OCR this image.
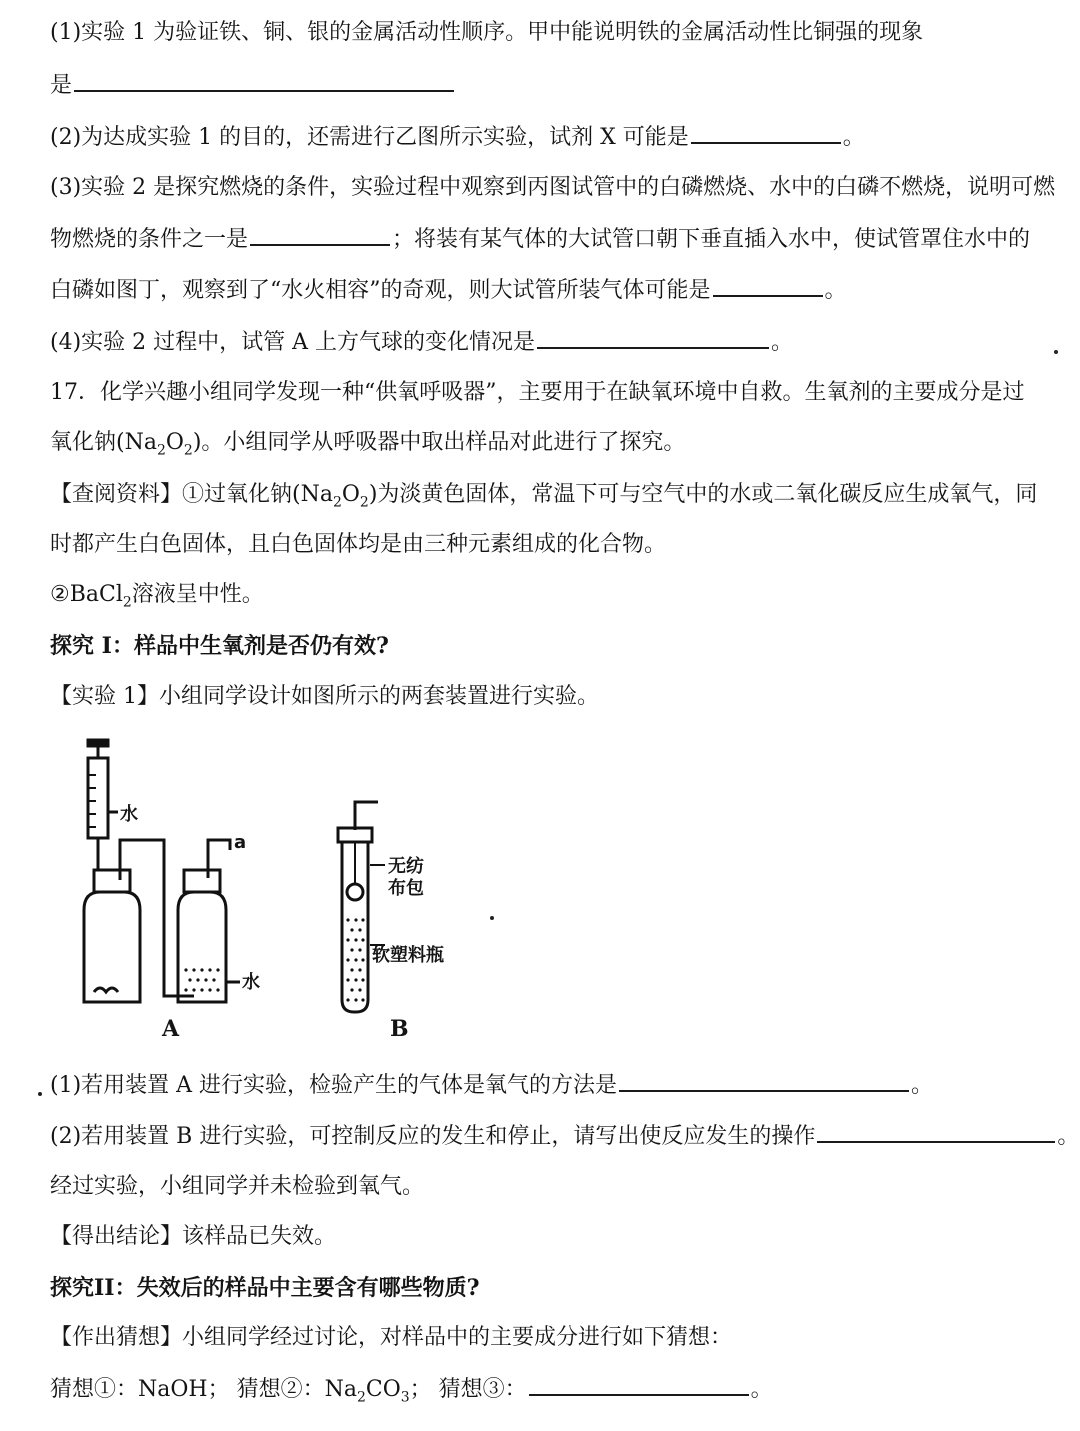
(1)实验 1 为验证铁、铜、银的金属活动性顺序。甲中能说明铁的金属活动性比铜强的现象
是
(2)为达成实验 1 的目的，还需进行乙图所示实验，试剂 X 可能是	。
(3)实验 2 是探究燃烧的条件，实验过程中观察到丙图试管中的白磷燃烧、水中的白磷不燃烧，说明可燃
物燃烧的条件之一是	；将装有某气体的大试管口朝下垂直插入水中，使试管罩住水中的
白磷如图丁，观察到了“水火相容”的奇观，则大试管所装气体可能是	。
(4)实验 2 过程中，试管 A 上方气球的变化情况是	。
17．化学兴趣小组同学发现一种“供氧呼吸器”，主要用于在缺氧环境中自救。生氧剂的主要成分是过
氧化钠$(Na_2O_2)$。小组同学从呼吸器中取出样品对此进行了探究。
【查阅资料】①过氧化钠$(Na_2O_2)$为淡黄色固体，常温下可与空气中的水或二氧化碳反应生成氧气，同
时都产生白色固体，且白色固体均是由三种元素组成的化合物。
②BaCl$_2$溶液呈中性。
探究 I：样品中生氧剂是否仍有效?
【实验 1】小组同学设计如图所示的两套装置进行实验。
水
a
水
无纺
布包
软塑料瓶
A	B
(1)若用装置 A 进行实验，检验产生的气体是氧气的方法是	。
(2)若用装置 B 进行实验，可控制反应的发生和停止，请写出使反应发生的操作	。
经过实验，小组同学并未检验到氧气。
【得出结论】该样品已失效。
探究II：失效后的样品中主要含有哪些物质?
【作出猜想】小组同学经过讨论，对样品中的主要成分进行如下猜想：
猜想①：NaOH； 猜想②：$Na_2CO_3$； 猜想③：	。
